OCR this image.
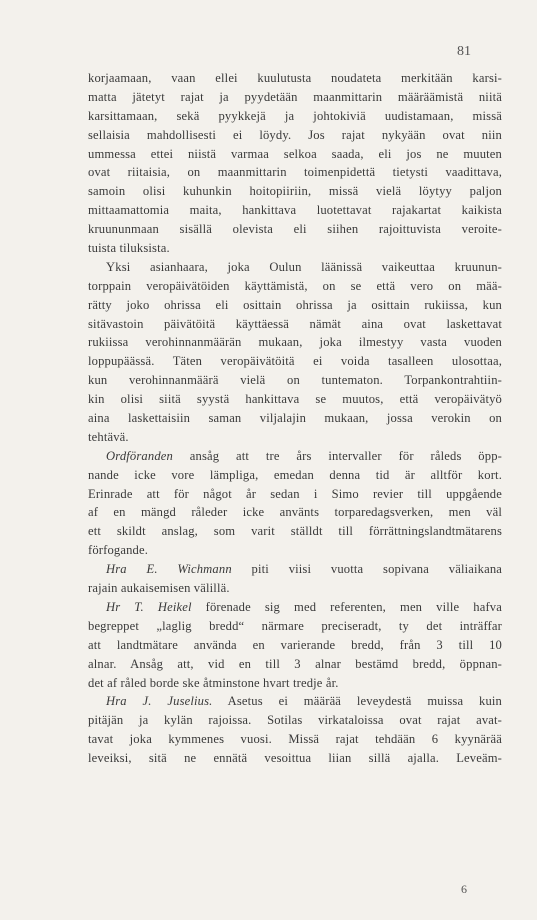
81
korjaamaan, vaan ellei kuulutusta noudateta merkitään karsi-
matta jätetyt rajat ja pyydetään maanmittarin määräämistä niitä
karsittamaan, sekä pyykkejä ja johtokiviä uudistamaan, missä
sellaisia mahdollisesti ei löydy. Jos rajat nykyään ovat niin
ummessa ettei niistä varmaa selkoa saada, eli jos ne muuten
ovat riitaisia, on maanmittarin toimenpidettä tietysti vaadittava,
samoin olisi kuhunkin hoitopiiriin, missä vielä löytyy paljon
mittaamattomia maita, hankittava luotettavat rajakartat kaikista
kruununmaan sisällä olevista eli siihen rajoittuvista veroite-
tuista tiluksista.
Yksi asianhaara, joka Oulun läänissä vaikeuttaa kruunun-
torppain veropäivätöiden käyttämistä, on se että vero on mää-
rätty joko ohrissa eli osittain ohrissa ja osittain rukiissa, kun
sitävastoin päivätöitä käyttäessä nämät aina ovat laskettavat
rukiissa verohinnanmäärän mukaan, joka ilmestyy vasta vuoden
loppupäässä. Täten veropäivätöitä ei voida tasalleen ulosottaa,
kun verohinnanmäärä vielä on tuntematon. Torpankontrahtiin-
kin olisi siitä syystä hankittava se muutos, että veropäivätyö
aina laskettaisiin saman viljalajin mukaan, jossa verokin on
tehtävä.
Ordföranden ansåg att tre års intervaller för råleds öpp-
nande icke vore lämpliga, emedan denna tid är alltför kort.
Erinrade att för något år sedan i Simo revier till uppgående
af en mängd råleder icke använts torparedagsverken, men väl
ett skildt anslag, som varit ställdt till förrättningslandtmätarens
förfogande.
Hra E. Wichmann piti viisi vuotta sopivana väliaikana
rajain aukaisemisen välillä.
Hr T. Heikel förenade sig med referenten, men ville hafva
begreppet „laglig bredd“ närmare preciseradt, ty det inträffar
att landtmätare använda en varierande bredd, från 3 till 10
alnar. Ansåg att, vid en till 3 alnar bestämd bredd, öppnan-
det af råled borde ske åtminstone hvart tredje år.
Hra J. Juselius. Asetus ei määrää leveydestä muissa kuin
pitäjän ja kylän rajoissa. Sotilas virkataloissa ovat rajat avat-
tavat joka kymmenes vuosi. Missä rajat tehdään 6 kyynärää
leveiksi, sitä ne ennätä vesoittua liian sillä ajalla. Leveäm-
6
